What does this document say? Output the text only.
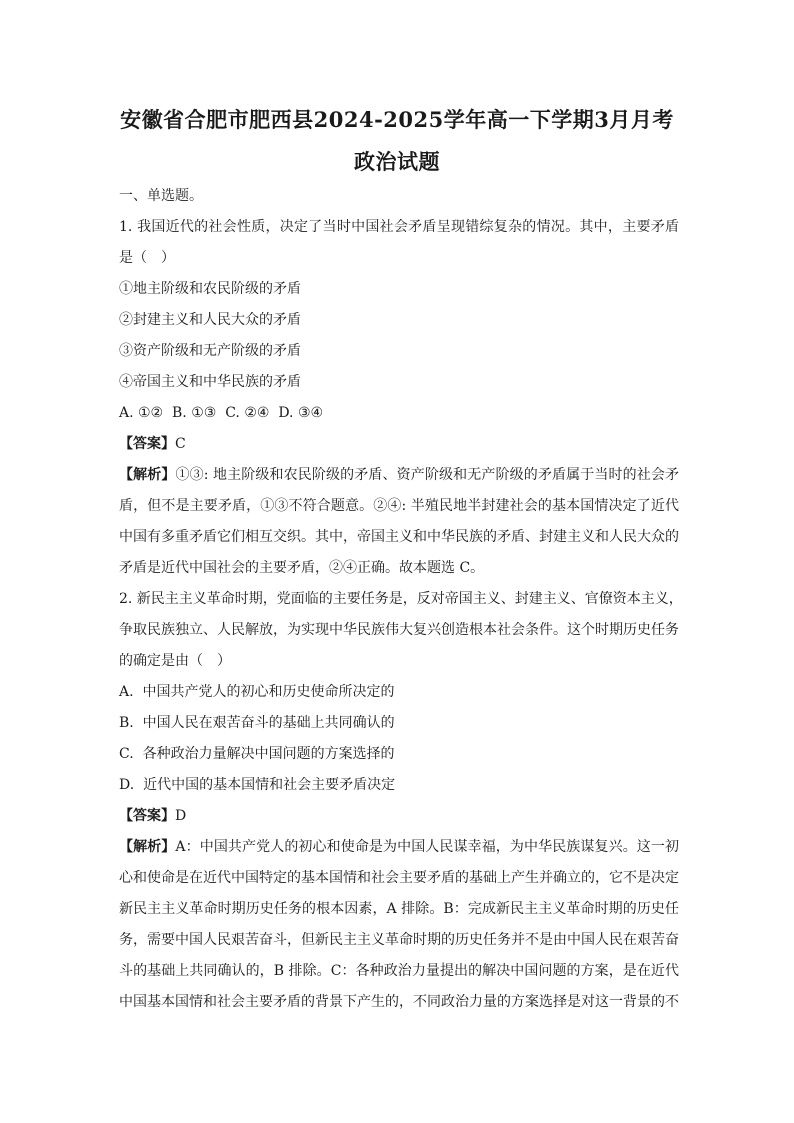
安徽省合肥市肥西县2024-2025学年高一下学期3月月考
政治试题
一、单选题。
1. 我国近代的社会性质，决定了当时中国社会矛盾呈现错综复杂的情况。其中，主要矛盾
是（　）
①地主阶级和农民阶级的矛盾
②封建主义和人民大众的矛盾
③资产阶级和无产阶级的矛盾
④帝国主义和中华民族的矛盾
A. ①②  B. ①③  C. ②④  D. ③④
【答案】C
【解析】①③: 地主阶级和农民阶级的矛盾、资产阶级和无产阶级的矛盾属于当时的社会矛
盾，但不是主要矛盾，①③不符合题意。②④: 半殖民地半封建社会的基本国情决定了近代
中国有多重矛盾它们相互交织。其中，帝国主义和中华民族的矛盾、封建主义和人民大众的
矛盾是近代中国社会的主要矛盾，②④正确。故本题选 C。
2. 新民主主义革命时期，党面临的主要任务是，反对帝国主义、封建主义、官僚资本主义，
争取民族独立、人民解放，为实现中华民族伟大复兴创造根本社会条件。这个时期历史任务
的确定是由（　）
A.  中国共产党人的初心和历史使命所决定的
B.  中国人民在艰苦奋斗的基础上共同确认的
C.  各种政治力量解决中国问题的方案选择的
D.  近代中国的基本国情和社会主要矛盾决定
【答案】D
【解析】A：中国共产党人的初心和使命是为中国人民谋幸福，为中华民族谋复兴。这一初
心和使命是在近代中国特定的基本国情和社会主要矛盾的基础上产生并确立的，它不是决定
新民主主义革命时期历史任务的根本因素，A 排除。B：完成新民主主义革命时期的历史任
务，需要中国人民艰苦奋斗，但新民主主义革命时期的历史任务并不是由中国人民在艰苦奋
斗的基础上共同确认的，B 排除。C：各种政治力量提出的解决中国问题的方案，是在近代
中国基本国情和社会主要矛盾的背景下产生的，不同政治力量的方案选择是对这一背景的不
